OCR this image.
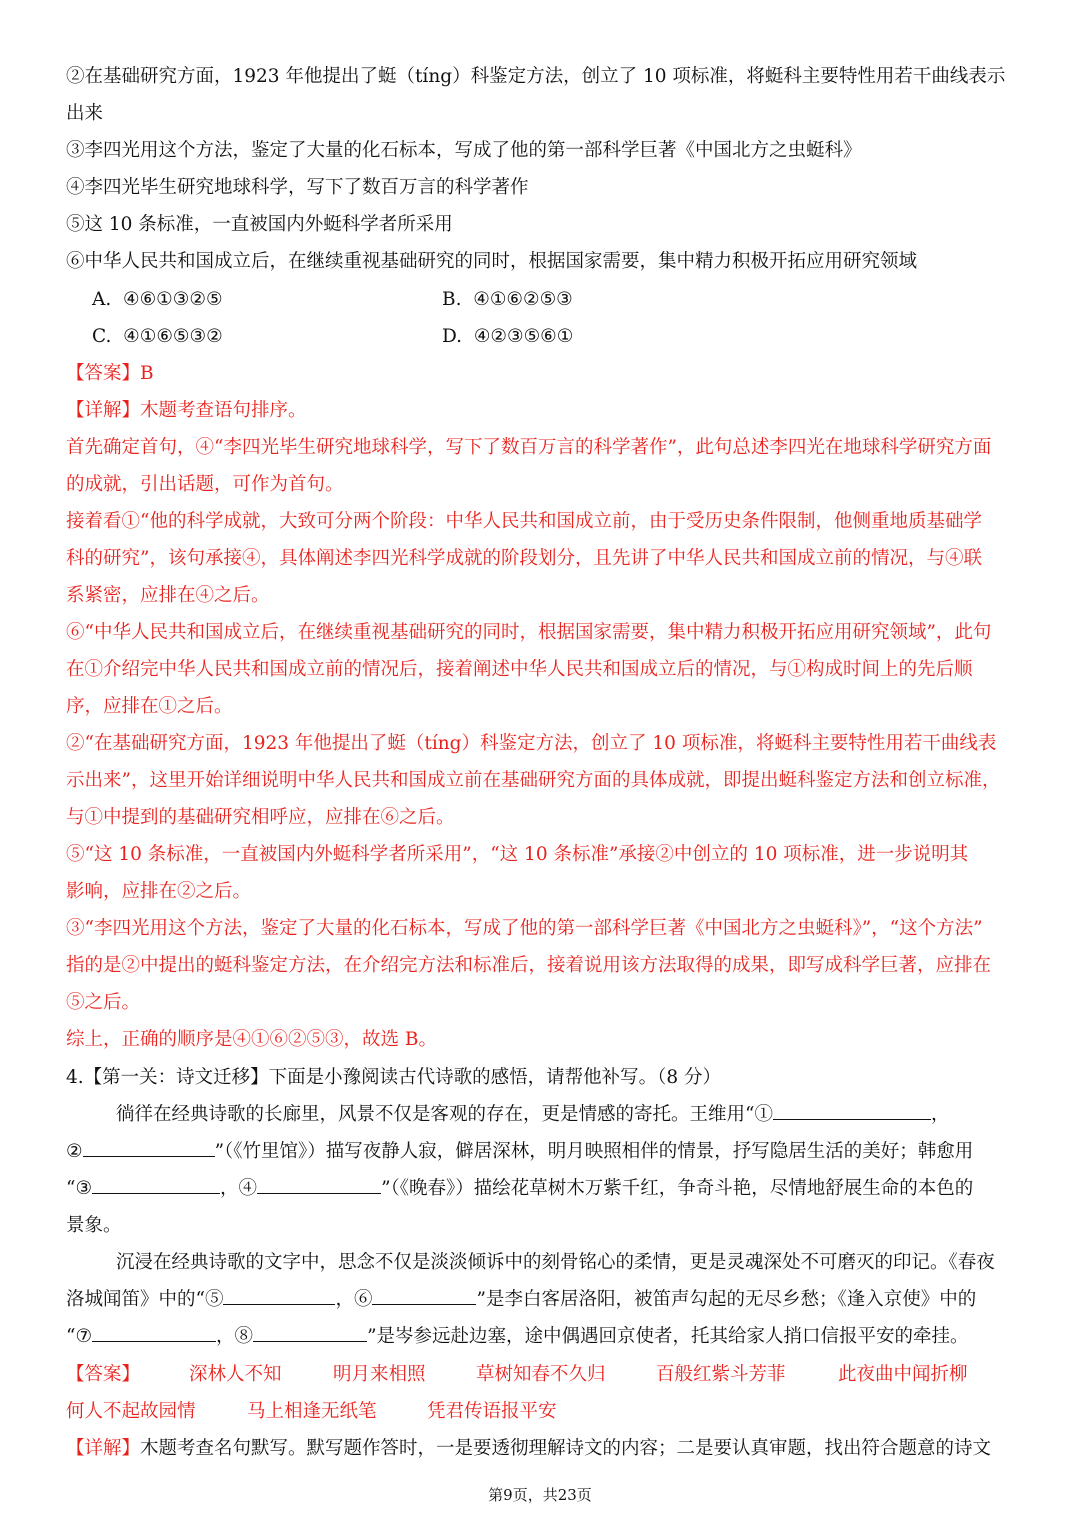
②在基础研究方面，1923 年他提出了蜓（tíng）科鉴定方法，创立了 10 项标准，将蜓科主要特性用若干曲线表示
出来
③李四光用这个方法，鉴定了大量的化石标本，写成了他的第一部科学巨著《中国北方之虫蜓科》
④李四光毕生研究地球科学，写下了数百万言的科学著作
⑤这 10 条标准，一直被国内外蜓科学者所采用
⑥中华人民共和国成立后，在继续重视基础研究的同时，根据国家需要，集中精力积极开拓应用研究领域
A. ④⑥①③②⑤	B. ④①⑥②⑤③
C. ④①⑥⑤③②	D. ④②③⑤⑥①
【答案】B
【详解】木题考查语句排序。
首先确定首句，④“李四光毕生研究地球科学，写下了数百万言的科学著作”，此句总述李四光在地球科学研究方面
的成就，引出话题，可作为首句。
接着看①“他的科学成就，大致可分两个阶段：中华人民共和国成立前，由于受历史条件限制，他侧重地质基础学
科的研究”，该句承接④，具体阐述李四光科学成就的阶段划分，且先讲了中华人民共和国成立前的情况，与④联
系紧密，应排在④之后。
⑥“中华人民共和国成立后，在继续重视基础研究的同时，根据国家需要，集中精力积极开拓应用研究领域”，此句
在①介绍完中华人民共和国成立前的情况后，接着阐述中华人民共和国成立后的情况，与①构成时间上的先后顺
序，应排在①之后。
②“在基础研究方面，1923 年他提出了蜓（tíng）科鉴定方法，创立了 10 项标准，将蜓科主要特性用若干曲线表
示出来”，这里开始详细说明中华人民共和国成立前在基础研究方面的具体成就，即提出蜓科鉴定方法和创立标准，
与①中提到的基础研究相呼应，应排在⑥之后。
⑤“这 10 条标准，一直被国内外蜓科学者所采用”，“这 10 条标准”承接②中创立的 10 项标准，进一步说明其
影响，应排在②之后。
③“李四光用这个方法，鉴定了大量的化石标本，写成了他的第一部科学巨著《中国北方之虫蜓科》”，“这个方法”
指的是②中提出的蜓科鉴定方法，在介绍完方法和标准后，接着说用该方法取得的成果，即写成科学巨著，应排在
⑤之后。
综上，正确的顺序是④①⑥②⑤③，故选 B。
4.【第一关：诗文迁移】下面是小豫阅读古代诗歌的感悟，请帮他补写。（8 分）
徜徉在经典诗歌的长廊里，风景不仅是客观的存在，更是情感的寄托。王维用“①	，
②	”（《竹里馆》）描写夜静人寂，僻居深林，明月映照相伴的情景，抒写隐居生活的美好；韩愈用
“③	，④	”（《晚春》）描绘花草树木万紫千红，争奇斗艳，尽情地舒展生命的本色的
景象。
沉浸在经典诗歌的文字中，思念不仅是淡淡倾诉中的刻骨铭心的柔情，更是灵魂深处不可磨灭的印记。《春夜
洛城闻笛》中的“⑤	，⑥	”是李白客居洛阳，被笛声勾起的无尽乡愁；《逢入京使》中的
“⑦	，⑧	”是岑参远赴边塞，途中偶遇回京使者，托其给家人捎口信报平安的牵挂。
【答案】	深林人不知	明月来相照	草树知春不久归	百般红紫斗芳菲	此夜曲中闻折柳
何人不起故园情	马上相逢无纸笔	凭君传语报平安
【详解】木题考查名句默写。默写题作答时，一是要透彻理解诗文的内容；二是要认真审题，找出符合题意的诗文
第9页，共23页
